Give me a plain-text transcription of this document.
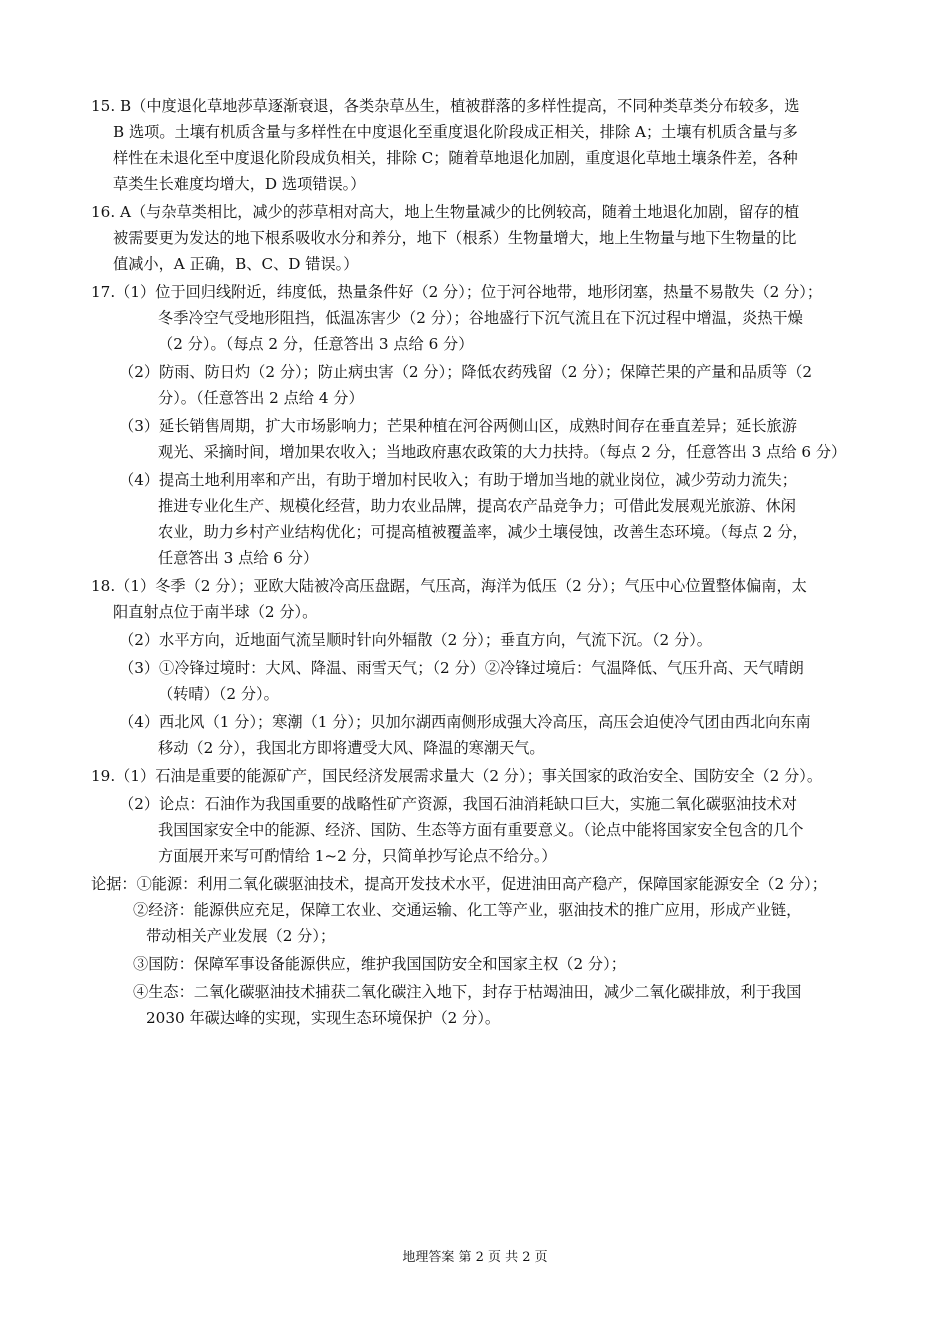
15. B（中度退化草地莎草逐渐衰退，各类杂草丛生，植被群落的多样性提高，不同种类草类分布较多，选
B 选项。土壤有机质含量与多样性在中度退化至重度退化阶段成正相关，排除 A；土壤有机质含量与多
样性在未退化至中度退化阶段成负相关，排除 C；随着草地退化加剧，重度退化草地土壤条件差，各种
草类生长难度均增大，D 选项错误。）
16. A（与杂草类相比，减少的莎草相对高大，地上生物量减少的比例较高，随着土地退化加剧，留存的植
被需要更为发达的地下根系吸收水分和养分，地下（根系）生物量增大，地上生物量与地下生物量的比
值减小，A 正确，B、C、D 错误。）
17.（1）位于回归线附近，纬度低，热量条件好（2 分）；位于河谷地带，地形闭塞，热量不易散失（2 分）；
冬季冷空气受地形阻挡，低温冻害少（2 分）；谷地盛行下沉气流且在下沉过程中增温，炎热干燥
（2 分）。（每点 2 分，任意答出 3 点给 6 分）
（2）防雨、防日灼（2 分）；防止病虫害（2 分）；降低农药残留（2 分）；保障芒果的产量和品质等（2
分）。（任意答出 2 点给 4 分）
（3）延长销售周期，扩大市场影响力；芒果种植在河谷两侧山区，成熟时间存在垂直差异；延长旅游
观光、采摘时间，增加果农收入；当地政府惠农政策的大力扶持。（每点 2 分，任意答出 3 点给 6 分）
（4）提高土地利用率和产出，有助于增加村民收入；有助于增加当地的就业岗位，减少劳动力流失；
推进专业化生产、规模化经营，助力农业品牌，提高农产品竞争力；可借此发展观光旅游、休闲
农业，助力乡村产业结构优化；可提高植被覆盖率，减少土壤侵蚀，改善生态环境。（每点 2 分，
任意答出 3 点给 6 分）
18.（1）冬季（2 分）；亚欧大陆被冷高压盘踞，气压高，海洋为低压（2 分）；气压中心位置整体偏南，太
阳直射点位于南半球（2 分）。
（2）水平方向，近地面气流呈顺时针向外辐散（2 分）；垂直方向，气流下沉。（2 分）。
（3）①冷锋过境时：大风、降温、雨雪天气；（2 分）②冷锋过境后：气温降低、气压升高、天气晴朗
（转晴）（2 分）。
（4）西北风（1 分）；寒潮（1 分）；贝加尔湖西南侧形成强大冷高压，高压会迫使冷气团由西北向东南
移动（2 分），我国北方即将遭受大风、降温的寒潮天气。
19.（1）石油是重要的能源矿产，国民经济发展需求量大（2 分）；事关国家的政治安全、国防安全（2 分）。
（2）论点：石油作为我国重要的战略性矿产资源，我国石油消耗缺口巨大，实施二氧化碳驱油技术对
我国国家安全中的能源、经济、国防、生态等方面有重要意义。（论点中能将国家安全包含的几个
方面展开来写可酌情给 1~2 分，只简单抄写论点不给分。）
论据：①能源：利用二氧化碳驱油技术，提高开发技术水平，促进油田高产稳产，保障国家能源安全（2 分）；
②经济：能源供应充足，保障工农业、交通运输、化工等产业，驱油技术的推广应用，形成产业链，
带动相关产业发展（2 分）；
③国防：保障军事设备能源供应，维护我国国防安全和国家主权（2 分）；
④生态：二氧化碳驱油技术捕获二氧化碳注入地下，封存于枯竭油田，减少二氧化碳排放，利于我国
2030 年碳达峰的实现，实现生态环境保护（2 分）。
地理答案 第 2 页 共 2 页
